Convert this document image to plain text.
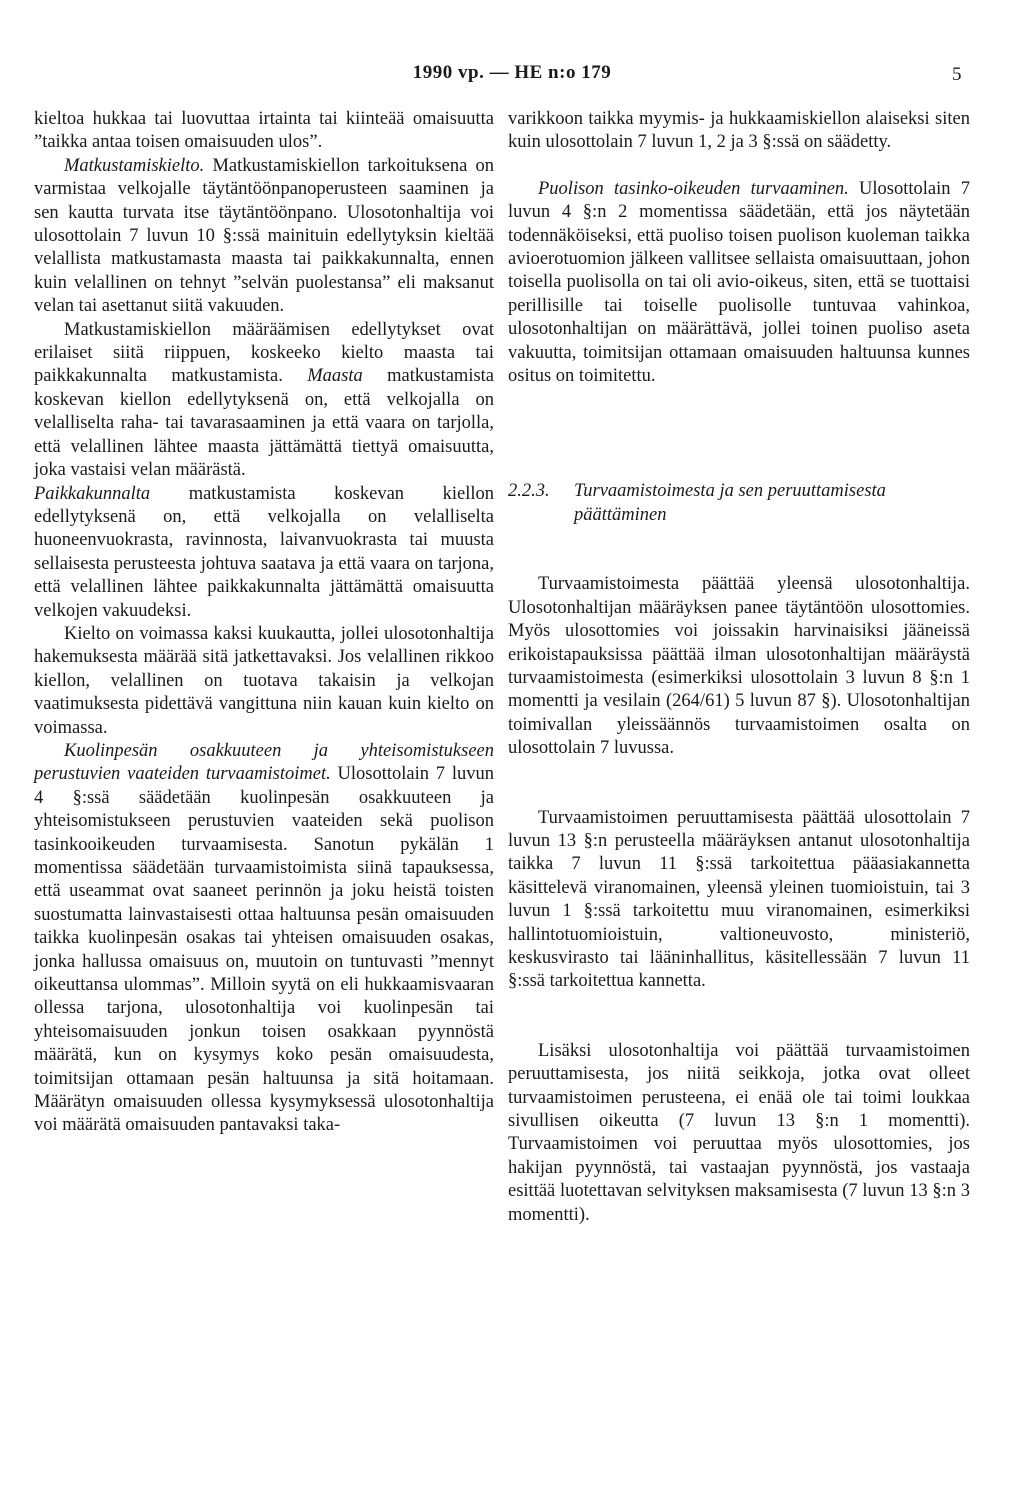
1990 vp. — HE n:o 179	5

kieltoa hukkaa tai luovuttaa irtainta tai kiinteää omaisuutta ”taikka antaa toisen omaisuuden ulos”.

Matkustamiskielto. Matkustamiskiellon tarkoituksena on varmistaa velkojalle täytäntöönpanoperusteen saaminen ja sen kautta turvata itse täytäntöönpano. Ulosotonhaltija voi ulosottolain 7 luvun 10 §:ssä mainituin edellytyksin kieltää velallista matkustamasta maasta tai paikkakunnalta, ennen kuin velallinen on tehnyt ”selvän puolestansa” eli maksanut velan tai asettanut siitä vakuuden.

Matkustamiskiellon määräämisen edellytykset ovat erilaiset siitä riippuen, koskeeko kielto maasta tai paikkakunnalta matkustamista. Maasta matkustamista koskevan kiellon edellytyksenä on, että velkojalla on velalliselta raha- tai tavarasaaminen ja että vaara on tarjolla, että velallinen lähtee maasta jättämättä tiettyä omaisuutta, joka vastaisi velan määrästä.

Paikkakunnalta matkustamista koskevan kiellon edellytyksenä on, että velkojalla on velalliselta huoneenvuokrasta, ravinnosta, laivanvuokrasta tai muusta sellaisesta perusteesta johtuva saatava ja että vaara on tarjona, että velallinen lähtee paikkakunnalta jättämättä omaisuutta velkojen vakuudeksi.

Kielto on voimassa kaksi kuukautta, jollei ulosotonhaltija hakemuksesta määrää sitä jatkettavaksi. Jos velallinen rikkoo kiellon, velallinen on tuotava takaisin ja velkojan vaatimuksesta pidettävä vangittuna niin kauan kuin kielto on voimassa.

Kuolinpesän osakkuuteen ja yhteisomistukseen perustuvien vaateiden turvaamistoimet. Ulosottolain 7 luvun 4 §:ssä säädetään kuolinpesän osakkuuteen ja yhteisomistukseen perustuvien vaateiden sekä puolison tasinkooikeuden turvaamisesta. Sanotun pykälän 1 momentissa säädetään turvaamistoimista siinä tapauksessa, että useammat ovat saaneet perinnön ja joku heistä toisten suostumatta lainvastaisesti ottaa haltuunsa pesän omaisuuden taikka kuolinpesän osakas tai yhteisen omaisuuden osakas, jonka hallussa omaisuus on, muutoin on tuntuvasti ”mennyt oikeuttansa ulommas”. Milloin syytä on eli hukkaamisvaaran ollessa tarjona, ulosotonhaltija voi kuolinpesän tai yhteisomaisuuden jonkun toisen osakkaan pyynnöstä määrätä, kun on kysymys koko pesän omaisuudesta, toimitsijan ottamaan pesän haltuunsa ja sitä hoitamaan. Määrätyn omaisuuden ollessa kysymyksessä ulosotonhaltija voi määrätä omaisuuden pantavaksi taka-

varikkoon taikka myymis- ja hukkaamiskiellon alaiseksi siten kuin ulosottolain 7 luvun 1, 2 ja 3 §:ssä on säädetty.

Puolison tasinko-oikeuden turvaaminen. Ulosottolain 7 luvun 4 §:n 2 momentissa säädetään, että jos näytetään todennäköiseksi, että puoliso toisen puolison kuoleman taikka avioerotuomion jälkeen vallitsee sellaista omaisuuttaan, johon toisella puolisolla on tai oli avio-oikeus, siten, että se tuottaisi perillisille tai toiselle puolisolle tuntuvaa vahinkoa, ulosotonhaltijan on määrättävä, jollei toinen puoliso aseta vakuutta, toimitsijan ottamaan omaisuuden haltuunsa kunnes ositus on toimitettu.

2.2.3.	Turvaamistoimesta ja sen peruuttamisesta päättäminen

Turvaamistoimesta päättää yleensä ulosotonhaltija. Ulosotonhaltijan määräyksen panee täytäntöön ulosottomies. Myös ulosottomies voi joissakin harvinaisiksi jääneissä erikoistapauksissa päättää ilman ulosotonhaltijan määräystä turvaamistoimesta (esimerkiksi ulosottolain 3 luvun 8 §:n 1 momentti ja vesilain (264/61) 5 luvun 87 §). Ulosotonhaltijan toimivallan yleissäännös turvaamistoimen osalta on ulosottolain 7 luvussa.

Turvaamistoimen peruuttamisesta päättää ulosottolain 7 luvun 13 §:n perusteella määräyksen antanut ulosotonhaltija taikka 7 luvun 11 §:ssä tarkoitettua pääasiakannetta käsittelevä viranomainen, yleensä yleinen tuomioistuin, tai 3 luvun 1 §:ssä tarkoitettu muu viranomainen, esimerkiksi hallintotuomioistuin, valtioneuvosto, ministeriö, keskusvirasto tai lääninhallitus, käsitellessään 7 luvun 11 §:ssä tarkoitettua kannetta.

Lisäksi ulosotonhaltija voi päättää turvaamistoimen peruuttamisesta, jos niitä seikkoja, jotka ovat olleet turvaamistoimen perusteena, ei enää ole tai toimi loukkaa sivullisen oikeutta (7 luvun 13 §:n 1 momentti). Turvaamistoimen voi peruuttaa myös ulosottomies, jos hakijan pyynnöstä, tai vastaajan pyynnöstä, jos vastaaja esittää luotettavan selvityksen maksamisesta (7 luvun 13 §:n 3 momentti).
